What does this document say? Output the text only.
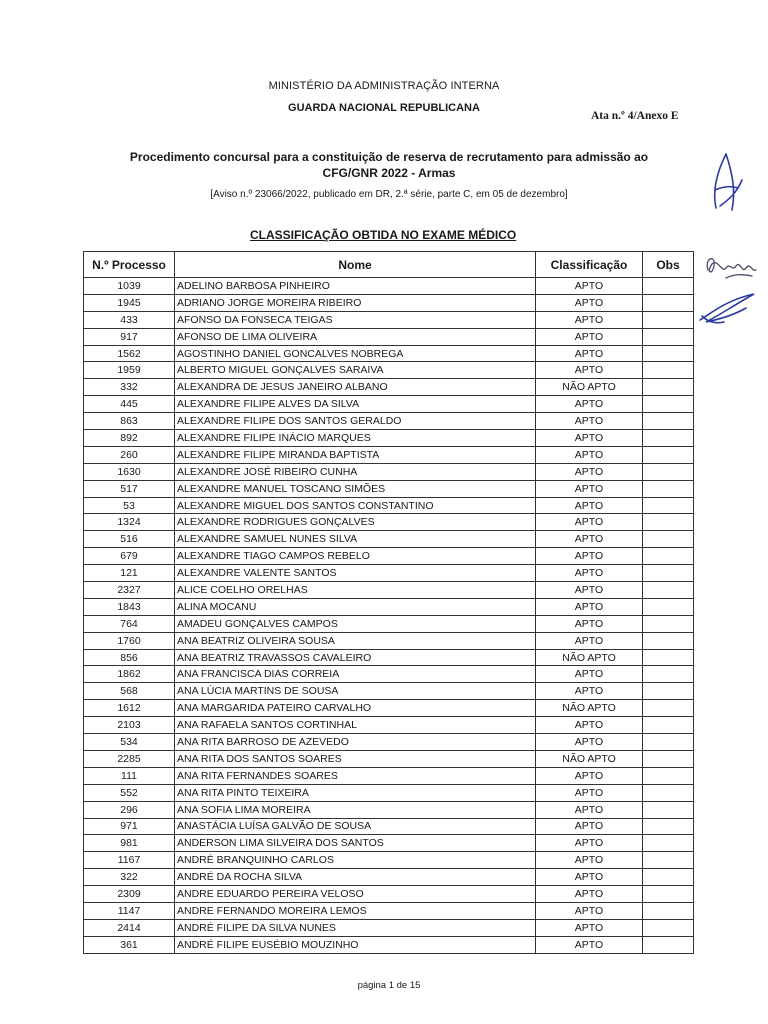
MINISTÉRIO DA ADMINISTRAÇÃO INTERNA
GUARDA NACIONAL REPUBLICANA
Ata n.º 4/Anexo E
Procedimento concursal para a constituição de reserva de recrutamento para admissão ao
CFG/GNR 2022 - Armas
[Aviso n.º 23066/2022, publicado em DR, 2.ª série, parte C, em 05 de dezembro]
CLASSIFICAÇÃO OBTIDA NO EXAME MÉDICO
N.º Processo	Nome	Classificação	Obs
1039	ADELINO BARBOSA PINHEIRO	APTO	
1945	ADRIANO JORGE MOREIRA RIBEIRO	APTO	
433	AFONSO DA FONSECA TEIGAS	APTO	
917	AFONSO DE LIMA OLIVEIRA	APTO	
1562	AGOSTINHO DANIEL GONCALVES NOBREGA	APTO	
1959	ALBERTO MIGUEL GONÇALVES SARAIVA	APTO	
332	ALEXANDRA DE JESUS JANEIRO ALBANO	NÃO APTO	
445	ALEXANDRE FILIPE ALVES DA SILVA	APTO	
863	ALEXANDRE FILIPE DOS SANTOS GERALDO	APTO	
892	ALEXANDRE FILIPE INÁCIO MARQUES	APTO	
260	ALEXANDRE FILIPE MIRANDA BAPTISTA	APTO	
1630	ALEXANDRE JOSÉ RIBEIRO CUNHA	APTO	
517	ALEXANDRE MANUEL TOSCANO SIMÕES	APTO	
53	ALEXANDRE MIGUEL DOS SANTOS CONSTANTINO	APTO	
1324	ALEXANDRE RODRIGUES GONÇALVES	APTO	
516	ALEXANDRE SAMUEL NUNES SILVA	APTO	
679	ALEXANDRE TIAGO CAMPOS REBELO	APTO	
121	ALEXANDRE VALENTE SANTOS	APTO	
2327	ALICE COELHO ORELHAS	APTO	
1843	ALINA MOCANU	APTO	
764	AMADEU GONÇALVES CAMPOS	APTO	
1760	ANA BEATRIZ OLIVEIRA SOUSA	APTO	
856	ANA BEATRIZ TRAVASSOS CAVALEIRO	NÃO APTO	
1862	ANA FRANCISCA DIAS CORREIA	APTO	
568	ANA LÚCIA MARTINS DE SOUSA	APTO	
1612	ANA MARGARIDA PATEIRO CARVALHO	NÃO APTO	
2103	ANA RAFAELA SANTOS CORTINHAL	APTO	
534	ANA RITA BARROSO DE AZEVEDO	APTO	
2285	ANA RITA DOS SANTOS SOARES	NÃO APTO	
111	ANA RITA FERNANDES SOARES	APTO	
552	ANA RITA PINTO TEIXEIRA	APTO	
296	ANA SOFIA LIMA MOREIRA	APTO	
971	ANASTÁCIA LUÍSA GALVÃO DE SOUSA	APTO	
981	ANDERSON LIMA SILVEIRA DOS SANTOS	APTO	
1167	ANDRÉ BRANQUINHO CARLOS	APTO	
322	ANDRÉ DA ROCHA SILVA	APTO	
2309	ANDRE EDUARDO PEREIRA VELOSO	APTO	
1147	ANDRE FERNANDO MOREIRA LEMOS	APTO	
2414	ANDRÉ FILIPE DA SILVA NUNES	APTO	
361	ANDRÉ FILIPE EUSÉBIO MOUZINHO	APTO	
página 1 de 15
